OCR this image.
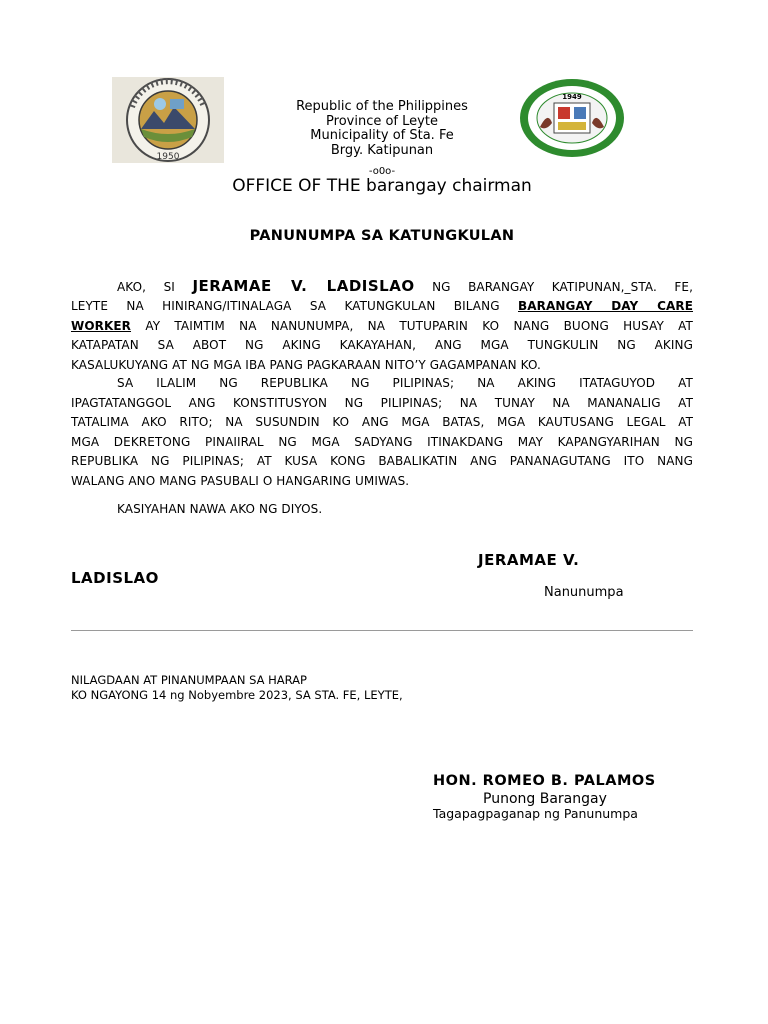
1950
1949
Republic of the Philippines
Province of Leyte
Municipality of Sta. Fe
Brgy. Katipunan
-o0o-
OFFICE OF THE barangay chairman
PANUNUMPA SA KATUNGKULAN
AKO, SI JERAMAE V. LADISLAO NG BARANGAY KATIPUNAN,_STA. FE,
LEYTE NA HINIRANG/ITINALAGA SA KATUNGKULAN BILANG BARANGAY DAY CARE
WORKER AY TAIMTIM NA NANUNUMPA, NA TUTUPARIN KO NANG BUONG HUSAY AT
KATAPATAN SA ABOT NG AKING KAKAYAHAN, ANG MGA TUNGKULIN NG AKING
KASALUKUYANG AT NG MGA IBA PANG PAGKARAAN NITO’Y GAGAMPANAN KO.
SA ILALIM NG REPUBLIKA NG PILIPINAS; NA AKING ITATAGUYOD AT
IPAGTATANGGOL ANG KONSTITUSYON NG PILIPINAS; NA TUNAY NA MANANALIG AT
TATALIMA AKO RITO; NA SUSUNDIN KO ANG MGA BATAS, MGA KAUTUSANG LEGAL AT
MGA DEKRETONG PINAIIRAL NG MGA SADYANG ITINAKDANG MAY KAPANGYARIHAN NG
REPUBLIKA NG PILIPINAS; AT KUSA KONG BABALIKATIN ANG PANANAGUTANG ITO NANG
WALANG ANO MANG PASUBALI O HANGARING UMIWAS.
KASIYAHAN NAWA AKO NG DIYOS.
JERAMAE V.
LADISLAO
Nanunumpa
NILAGDAAN AT PINANUMPAAN SA HARAP
KO NGAYONG 14 ng Nobyembre 2023, SA STA. FE, LEYTE,
HON. ROMEO B. PALAMOS
Punong Barangay
Tagapagpaganap ng Panunumpa
